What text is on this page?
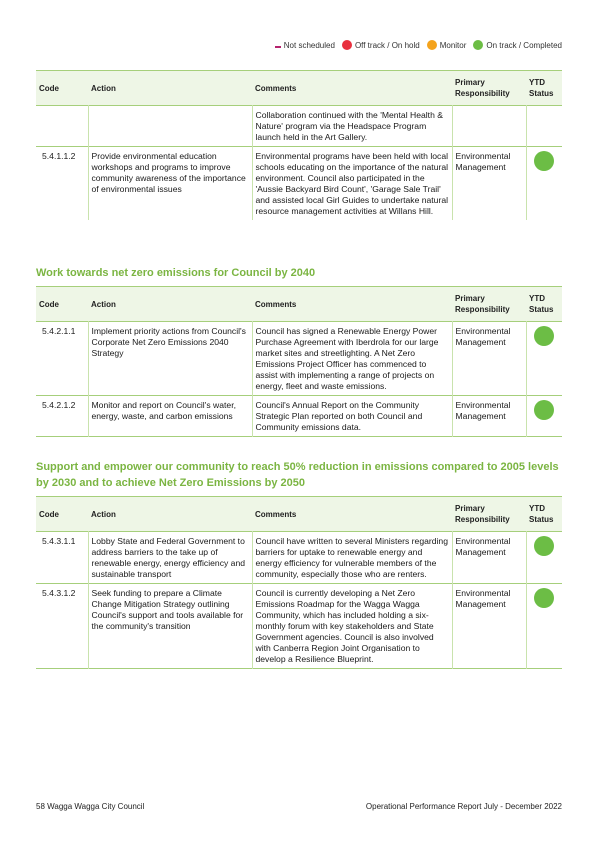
Not scheduled	Off track / On hold	Monitor	On track / Completed
Code	Action	Comments	Primary Responsibility	YTD Status
		Collaboration continued with the 'Mental Health & Nature' program via the Headspace Program launch held in the Art Gallery.		
5.4.1.1.2	Provide environmental education workshops and programs to improve community awareness of the importance of environmental issues	Environmental programs have been held with local schools educating on the importance of the natural environment. Council also participated in the 'Aussie Backyard Bird Count', 'Garage Sale Trail' and assisted local Girl Guides to undertake natural resource management activities at Willans Hill.	Environmental Management	
Work towards net zero emissions for Council by 2040
Code	Action	Comments	Primary Responsibility	YTD Status
5.4.2.1.1	Implement priority actions from Council's Corporate Net Zero Emissions 2040 Strategy	Council has signed a Renewable Energy Power Purchase Agreement with Iberdrola for our large market sites and streetlighting. A Net Zero Emissions Project Officer has commenced to assist with implementing a range of projects on energy, fleet and waste emissions.	Environmental Management	

5.4.2.1.2	Monitor and report on Council's water, energy, waste, and carbon emissions	Council's Annual Report on the Community Strategic Plan reported on both Council and Community emissions data.	Environmental Management	
Support and empower our community to reach 50% reduction in emissions compared to 2005 levels by 2030 and to achieve Net Zero Emissions by 2050
Code	Action	Comments	Primary Responsibility	YTD Status
5.4.3.1.1	Lobby State and Federal Government to address barriers to the take up of renewable energy, energy efficiency and sustainable transport	Council have written to several Ministers regarding barriers for uptake to renewable energy and energy efficiency for vulnerable members of the community, especially those who are renters.	Environmental Management	

5.4.3.1.2	Seek funding to prepare a Climate Change Mitigation Strategy outlining Council's support and tools available for the community's transition	Council is currently developing a Net Zero Emissions Roadmap for the Wagga Wagga Community, which has included holding a six-monthly forum with key stakeholders and State Government agencies. Council is also involved with Canberra Region Joint Organisation to develop a Resilience Blueprint.	Environmental Management	
58 Wagga Wagga City Council	Operational Performance Report July - December 2022
